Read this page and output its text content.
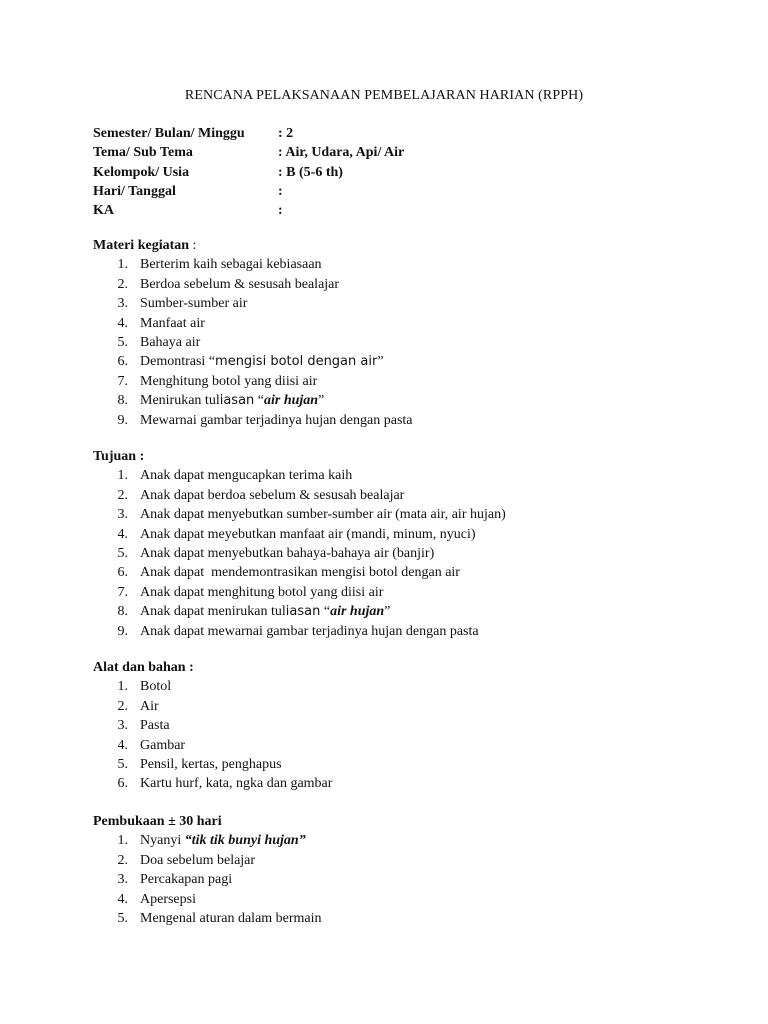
RENCANA PELAKSANAAN PEMBELAJARAN HARIAN (RPPH)
Semester/ Bulan/ Minggu : 2
Tema/ Sub Tema	: Air, Udara, Api/ Air
Kelompok/ Usia	: B (5-6 th)
Hari/ Tanggal	:
KA	:
Materi kegiatan :
1. Berterim kaih sebagai kebiasaan
2. Berdoa sebelum & sesusah bealajar
3. Sumber-sumber air
4. Manfaat air
5. Bahaya air
6. Demontrasi “mengisi botol dengan air”
7. Menghitung botol yang diisi air
8. Menirukan tuliasan “air hujan”
9. Mewarnai gambar terjadinya hujan dengan pasta
Tujuan :
1. Anak dapat mengucapkan terima kaih
2. Anak dapat berdoa sebelum & sesusah bealajar
3. Anak dapat menyebutkan sumber-sumber air (mata air, air hujan)
4. Anak dapat meyebutkan manfaat air (mandi, minum, nyuci)
5. Anak dapat menyebutkan bahaya-bahaya air (banjir)
6. Anak dapat  mendemontrasikan mengisi botol dengan air
7. Anak dapat menghitung botol yang diisi air
8. Anak dapat menirukan tuliasan “air hujan”
9. Anak dapat mewarnai gambar terjadinya hujan dengan pasta
Alat dan bahan :
1. Botol
2. Air
3. Pasta
4. Gambar
5. Pensil, kertas, penghapus
6. Kartu hurf, kata, ngka dan gambar
Pembukaan ± 30 hari
1. Nyanyi “tik tik bunyi hujan”
2. Doa sebelum belajar
3. Percakapan pagi
4. Apersepsi
5. Mengenal aturan dalam bermain
